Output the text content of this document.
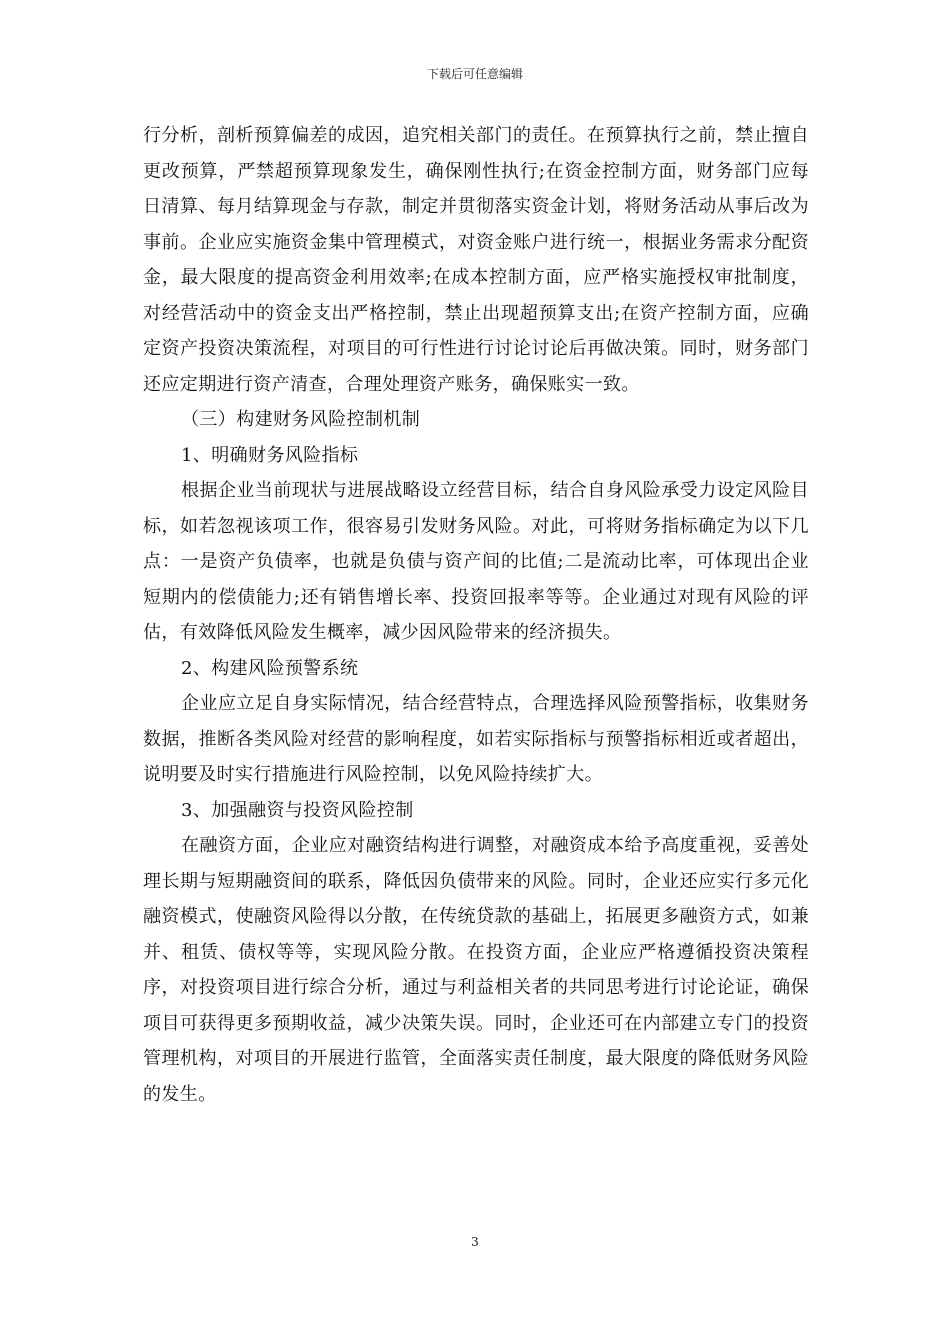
下载后可任意编辑

行分析，剖析预算偏差的成因，追究相关部门的责任。在预算执行之前，禁止擅自更改预算，严禁超预算现象发生，确保刚性执行;在资金控制方面，财务部门应每日清算、每月结算现金与存款，制定并贯彻落实资金计划，将财务活动从事后改为事前。企业应实施资金集中管理模式，对资金账户进行统一，根据业务需求分配资金，最大限度的提高资金利用效率;在成本控制方面，应严格实施授权审批制度，对经营活动中的资金支出严格控制，禁止出现超预算支出;在资产控制方面，应确定资产投资决策流程，对项目的可行性进行讨论讨论后再做决策。同时，财务部门还应定期进行资产清查，合理处理资产账务，确保账实一致。

（三）构建财务风险控制机制

1、明确财务风险指标

根据企业当前现状与进展战略设立经营目标，结合自身风险承受力设定风险目标，如若忽视该项工作，很容易引发财务风险。对此，可将财务指标确定为以下几点：一是资产负债率，也就是负债与资产间的比值;二是流动比率，可体现出企业短期内的偿债能力;还有销售增长率、投资回报率等等。企业通过对现有风险的评估，有效降低风险发生概率，减少因风险带来的经济损失。

2、构建风险预警系统

企业应立足自身实际情况，结合经营特点，合理选择风险预警指标，收集财务数据，推断各类风险对经营的影响程度，如若实际指标与预警指标相近或者超出，说明要及时实行措施进行风险控制，以免风险持续扩大。

3、加强融资与投资风险控制

在融资方面，企业应对融资结构进行调整，对融资成本给予高度重视，妥善处理长期与短期融资间的联系，降低因负债带来的风险。同时，企业还应实行多元化融资模式，使融资风险得以分散，在传统贷款的基础上，拓展更多融资方式，如兼并、租赁、债权等等，实现风险分散。在投资方面，企业应严格遵循投资决策程序，对投资项目进行综合分析，通过与利益相关者的共同思考进行讨论论证，确保项目可获得更多预期收益，减少决策失误。同时，企业还可在内部建立专门的投资管理机构，对项目的开展进行监管，全面落实责任制度，最大限度的降低财务风险的发生。

3
